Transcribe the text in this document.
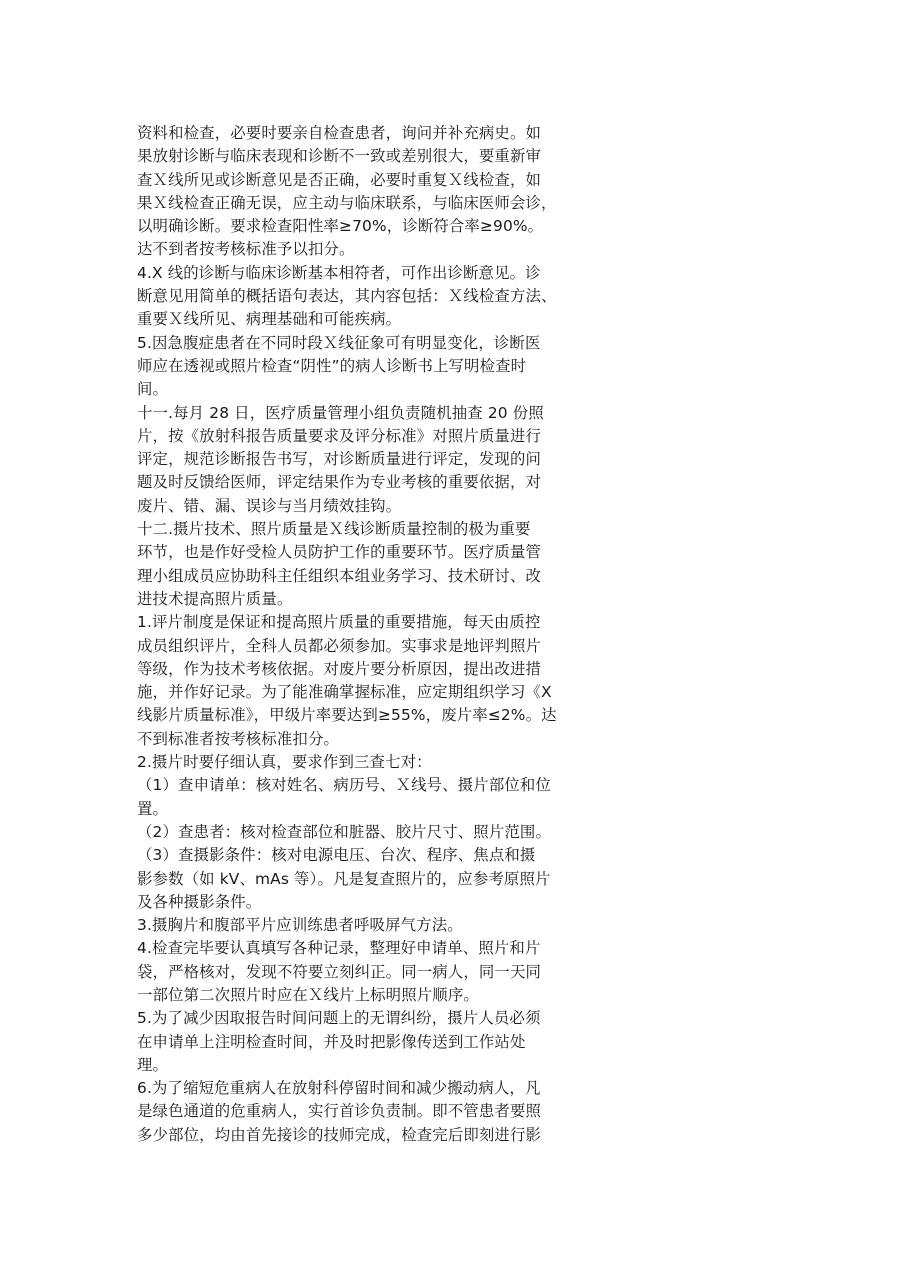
资料和检查，必要时要亲自检查患者，询问并补充病史。如
果放射诊断与临床表现和诊断不一致或差别很大，要重新审
查Ｘ线所见或诊断意见是否正确，必要时重复Ｘ线检查，如
果Ｘ线检查正确无误，应主动与临床联系，与临床医师会诊，
以明确诊断。要求检查阳性率≥70%，诊断符合率≥90%。
达不到者按考核标准予以扣分。
4.X 线的诊断与临床诊断基本相符者，可作出诊断意见。诊
断意见用简单的概括语句表达，其内容包括：Ｘ线检查方法、
重要Ｘ线所见、病理基础和可能疾病。
5.因急腹症患者在不同时段Ｘ线征象可有明显变化，诊断医
师应在透视或照片检查“阴性”的病人诊断书上写明检查时
间。
十一.每月 28 日，医疗质量管理小组负责随机抽查 20 份照
片，按《放射科报告质量要求及评分标准》对照片质量进行
评定，规范诊断报告书写，对诊断质量进行评定，发现的问
题及时反馈给医师，评定结果作为专业考核的重要依据，对
废片、错、漏、误诊与当月绩效挂钩。
十二.摄片技术、照片质量是Ｘ线诊断质量控制的极为重要
环节，也是作好受检人员防护工作的重要环节。医疗质量管
理小组成员应协助科主任组织本组业务学习、技术研讨、改
进技术提高照片质量。
1.评片制度是保证和提高照片质量的重要措施，每天由质控
成员组织评片，全科人员都必须参加。实事求是地评判照片
等级，作为技术考核依据。对废片要分析原因，提出改进措
施，并作好记录。为了能准确掌握标准，应定期组织学习《X
线影片质量标准》，甲级片率要达到≥55%，废片率≤2%。达
不到标准者按考核标准扣分。
2.摄片时要仔细认真，要求作到三查七对：
（1）查申请单：核对姓名、病历号、Ｘ线号、摄片部位和位
置。
（2）查患者：核对检查部位和脏器、胶片尺寸、照片范围。
（3）查摄影条件：核对电源电压、台次、程序、焦点和摄
影参数（如 kV、mAs 等）。凡是复查照片的，应参考原照片
及各种摄影条件。
3.摄胸片和腹部平片应训练患者呼吸屏气方法。
4.检查完毕要认真填写各种记录，整理好申请单、照片和片
袋，严格核对，发现不符要立刻纠正。同一病人，同一天同
一部位第二次照片时应在Ｘ线片上标明照片顺序。
5.为了减少因取报告时间问题上的无谓纠纷，摄片人员必须
在申请单上注明检查时间，并及时把影像传送到工作站处
理。
6.为了缩短危重病人在放射科停留时间和减少搬动病人，凡
是绿色通道的危重病人，实行首诊负责制。即不管患者要照
多少部位，均由首先接诊的技师完成，检查完后即刻进行影
